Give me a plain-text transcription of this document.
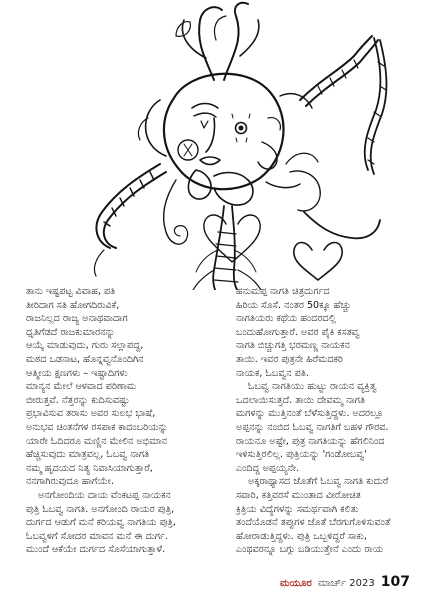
ತಾನು ಇಷ್ಟಪಟ್ಟ ವಿವಾಹ, ಪತಿ

ತೀರಿದಾಗ ಸತಿ ಹೋಗದಿರುವಿಕೆ,

ರಾಜನಿಲ್ಲದ ರಾಜ್ಯ ಅನಾಥವಾದಾಗ

ಧೃತಿಗೆಡದೆ ರಾಜಕುಮಾರನನ್ನು

ಆಯ್ಕೆ ಮಾಡುವುದು, ಗುರು ಸಲ್ಲಾಪದ್ದ,

ಮಠದ ಒಡನಾಟ, ಹೊನ್ನವ್ವನೊಂದಿಗಿನ

ಆತ್ಮೀಯ ಕ್ಷಣಗಳು – ಇಷ್ಟಾದಿಗಳು

ಮಾನ್ಯನ ಮೇಲೆ ಆಳವಾದ ಪರಿಣಾಮ

ಬೀರುತ್ತವೆ. ನೆತ್ತರನ್ನು ಕುದಿಸುವಷ್ಟು

ಪ್ರಭಾವಿಸುವ ತರಾಸು ಅವರ ಸುಲಭ ಭಾಷೆ,

ಅನುಭವ ಚಿಂತನೆಗಳ ರಸಪಾಕ ಕಾದಂಬರಿಯನ್ನು

ಯಾರೇ ಓದಿದರೂ ಮಣ್ಣಿನ ಮೇಲಿನ ಅಭಿಮಾನ

ಹೆಚ್ಚಿಸುವುದು ಮಾತ್ರವಲ್ಲ, ಓಬವ್ವ ನಾಗತಿ

ನಮ್ಮ ಹೃದಯದ ನಿತ್ಯ ನಿವಾಸಿಯಾಗುತ್ತಾರೆ,

ನನಗಾಗಿರುವುದೂ ಹಾಗೆಯೇ.

ಅನಗೋಂದಿಯ ದಾಯ ವೆಂಕಟಪ್ಪ ನಾಯಕನ

ಪುತ್ರಿ ಓಬವ್ವ ನಾಗತಿ. ಅನಗೋಂದಿ ರಾಯರ ಪುತ್ರಿ,

ದುರ್ಗದ ಆಡುಗೆ ಮನೆ ಕರಿಯವ್ವ ನಾಗತಿಯ ಪುತ್ರಿ,

ಓಬವ್ವಳಿಗೆ ಸೋದರ ಮಾವನ ಮನೆ ಈ ದುರ್ಗ.

ಮುಂದೆ ಆಕೆಯೇ ದುರ್ಗದ ಸೊಸೆಯಾಗುತ್ತಾಳೆ.

ಹನುಮಪ್ಪ ನಾಗತಿ ಚಿತ್ರದುರ್ಗದ

ಹಿರಿಯ ಸೊಸೆ. ನಂತರ 50ಕ್ಕೂ ಹೆಚ್ಚು

ನಾಗತಿಯರು ಕಥೆಯ ಹಂದರದಲ್ಲಿ

ಬಂದುಹೋಗುತ್ತಾರೆ. ಅವರ ಪೈಕಿ ಕಸತವ್ವ

ನಾಗತಿ ಬಿಚ್ಚುಗತ್ತಿ ಭರಮಣ್ಣ ನಾಯಕನ

ತಾಯಿ. ಇವರ ಪುತ್ರನೇ ಹಿರೆಮದಕರಿ

ನಾಯಕ, ಓಬವ್ವನ ಪತಿ.

ಓಬವ್ವ ನಾಗತಿಯು ಹುಟ್ಟು ರಾಯನ ವ್ಯಕ್ತಿತ್ವ

ಒದಲಾಯಿಸುತ್ತದೆ. ತಾಯಿ ದೇವಮ್ಮ ನಾಗತಿ

ಮಗಳನ್ನು ಮುತ್ತಿನಂತೆ ಬೆಳೆಸುತ್ತಿದ್ದಳು. ಅದರಲ್ಲೂ

ಅಪ್ಪನನ್ನು ನಂಬಿದ ಓಬವ್ವ ನಾಗತಿಗೆ ಬಹಳ ಗೌರವ.

ರಾಯನೂ ಅಷ್ಟೇ, ಪುತ್ರ ನಾಗತಿಯನ್ನು ಹೆಗಲಿನಿಂದ

ಇಳಿಸುತ್ತಿರಲಿಲ್ಲ. ಪುತ್ರಿಯನ್ನು 'ಗಂಡೋಬವ್ವ'

ಎಂದಿದ್ದ ಅಪ್ಪಯ್ಯನೇ.

ಅಕ್ಕರಾಥ್ಯಾಸದ ಜೊತೆಗೆ ಓಬವ್ವ ನಾಗತಿ ಕುದುರೆ

ಸವಾರಿ, ಕತ್ತಿವರಸೆ ಮುಂತಾದ ವೀರೋಚಿತ

ಕ್ರಿತ್ರಿಯ ವಿದ್ಯೆಗಳನ್ನು ಸಮರ್ಥವಾಗಿ ಕಲಿತು

ತಂದೆಯೊಡನೆ ತಪ್ಪುಗಳ ಜೊತೆ ಬೆರಗುಗೊಳಿಸುವಂತೆ

ಹೋರಾಡುತ್ತಿದ್ದಳು. ಪುತ್ರಿ ಒಬ್ಬಳಿದ್ದರೆ ಸಾಕು,

ಎಂಥವರನ್ನೂ ಬಗ್ಗು ಬಡಿಯುತ್ತೇನೆ ಎಂದು ರಾಯ

ಮಯೂರ ಮಾರ್ಚ್ 2023 107
